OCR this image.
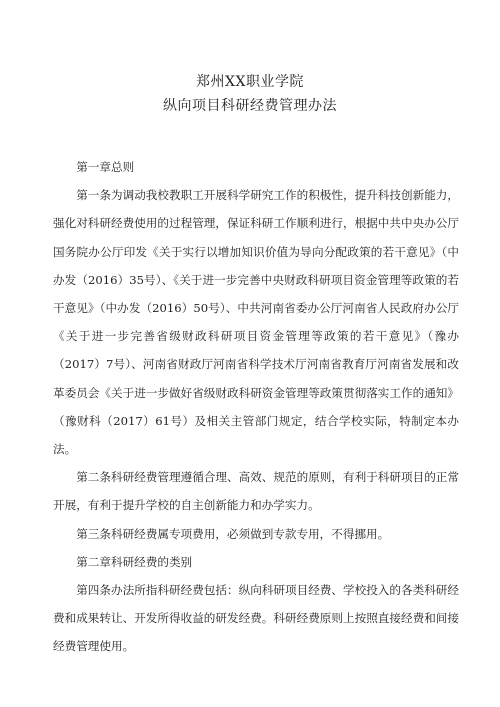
郑州XX职业学院
纵向项目科研经费管理办法

第一章总则

第一条为调动我校教职工开展科学研究工作的积极性，提升科技创新能力，强化对科研经费使用的过程管理，保证科研工作顺利进行，根据中共中央办公厅国务院办公厅印发《关于实行以增加知识价值为导向分配政策的若干意见》（中办发（2016）35号）、《关于进一步完善中央财政科研项目资金管理等政策的若干意见》（中办发（2016）50号）、中共河南省委办公厅河南省人民政府办公厅《关于进一步完善省级财政科研项目资金管理等政策的若干意见》（豫办（2017）7号）、河南省财政厅河南省科学技术厅河南省教育厅河南省发展和改革委员会《关于进一步做好省级财政科研资金管理等政策贯彻落实工作的通知》（豫财科（2017）61号）及相关主管部门规定，结合学校实际，特制定本办法。

第二条科研经费管理遵循合理、高效、规范的原则，有利于科研项目的正常开展，有利于提升学校的自主创新能力和办学实力。

第三条科研经费属专项费用，必须做到专款专用，不得挪用。

第二章科研经费的类别

第四条办法所指科研经费包括：纵向科研项目经费、学校投入的各类科研经费和成果转让、开发所得收益的研发经费。科研经费原则上按照直接经费和间接经费管理使用。
